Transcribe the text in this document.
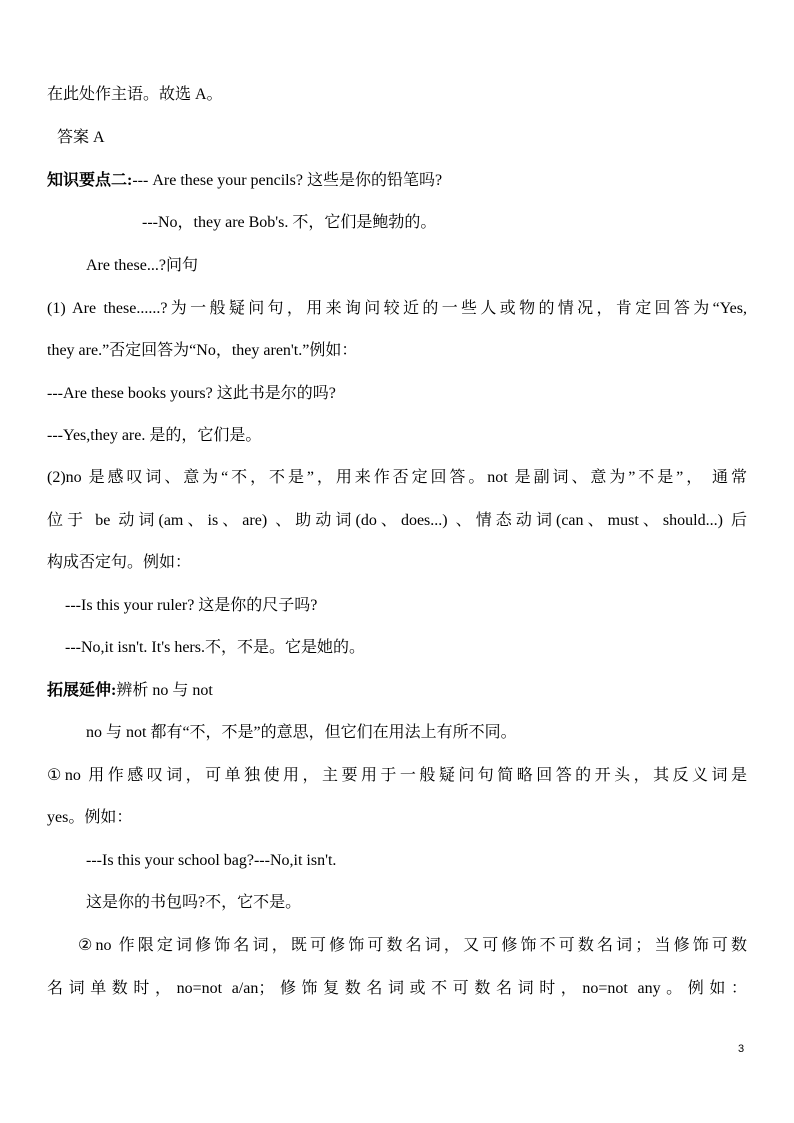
在此处作主语。故选 A。
答案 A
知识要点二:--- Are these your pencils? 这些是你的铅笔吗?
---No，they are Bob's. 不，它们是鲍勃的。
Are these...?问句
(1) Are these......?为一般疑问句，用来询问较近的一些人或物的情况，肯定回答为“Yes,
they are.”否定回答为“No，they aren't.”例如：
---Are these books yours? 这此书是尔的吗?
---Yes,they are. 是的，它们是。
(2)no 是感叹词、意为“不，不是”，用来作否定回答。not 是副词、意为”不是”， 通常
位于 be 动词(am、is、are) 、助动词(do、does...) 、情态动词(can、must、should...) 后
构成否定句。例如：
---Is this your ruler? 这是你的尺子吗?
---No,it isn't. It's hers.不，不是。它是她的。
拓展延伸:辨析 no 与 not
no 与 not 都有“不，不是”的意思，但它们在用法上有所不同。
①no 用作感叹词，可单独使用，主要用于一般疑问句简略回答的开头，其反义词是
yes。例如：
---Is this your school bag?---No,it isn't.
这是你的书包吗?不，它不是。
②no 作限定词修饰名词，既可修饰可数名词，又可修饰不可数名词；当修饰可数
名词单数时，no=not a/an；修饰复数名词或不可数名词时，no=not any。例如：
3
